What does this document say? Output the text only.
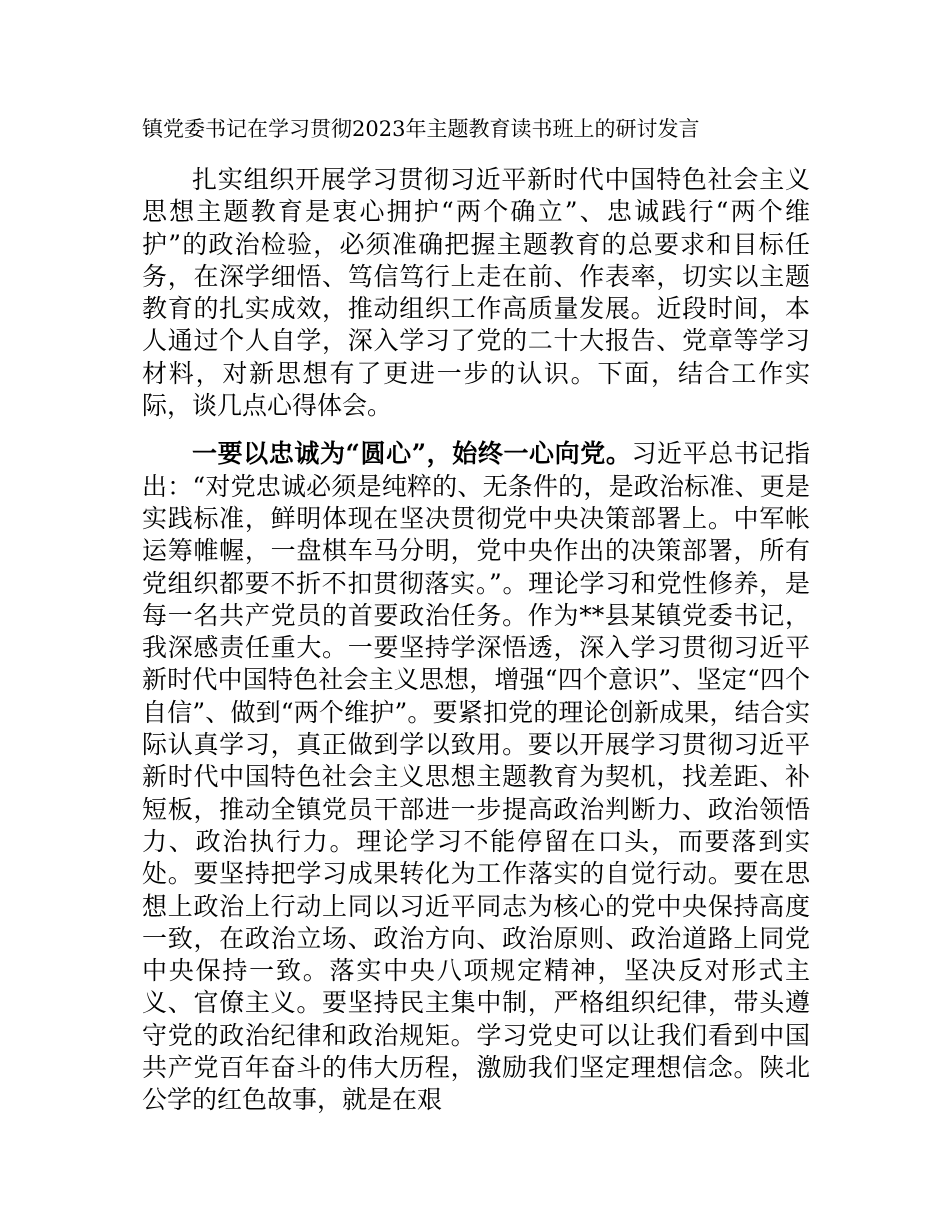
镇党委书记在学习贯彻2023年主题教育读书班上的研讨发言

扎实组织开展学习贯彻习近平新时代中国特色社会主义思想主题教育是衷心拥护“两个确立”、忠诚践行“两个维护”的政治检验，必须准确把握主题教育的总要求和目标任务，在深学细悟、笃信笃行上走在前、作表率，切实以主题教育的扎实成效，推动组织工作高质量发展。近段时间，本人通过个人自学，深入学习了党的二十大报告、党章等学习材料，对新思想有了更进一步的认识。下面，结合工作实际，谈几点心得体会。

一要以忠诚为“圆心”，始终一心向党。习近平总书记指出：“对党忠诚必须是纯粹的、无条件的，是政治标准、更是实践标准，鲜明体现在坚决贯彻党中央决策部署上。中军帐运筹帷幄，一盘棋车马分明，党中央作出的决策部署，所有党组织都要不折不扣贯彻落实。”。理论学习和党性修养，是每一名共产党员的首要政治任务。作为**县某镇党委书记，我深感责任重大。一要坚持学深悟透，深入学习贯彻习近平新时代中国特色社会主义思想，增强“四个意识”、坚定“四个自信”、做到“两个维护”。要紧扣党的理论创新成果，结合实际认真学习，真正做到学以致用。要以开展学习贯彻习近平新时代中国特色社会主义思想主题教育为契机，找差距、补短板，推动全镇党员干部进一步提高政治判断力、政治领悟力、政治执行力。理论学习不能停留在口头，而要落到实处。要坚持把学习成果转化为工作落实的自觉行动。要在思想上政治上行动上同以习近平同志为核心的党中央保持高度一致，在政治立场、政治方向、政治原则、政治道路上同党中央保持一致。落实中央八项规定精神，坚决反对形式主义、官僚主义。要坚持民主集中制，严格组织纪律，带头遵守党的政治纪律和政治规矩。学习党史可以让我们看到中国共产党百年奋斗的伟大历程，激励我们坚定理想信念。陕北公学的红色故事，就是在艰
